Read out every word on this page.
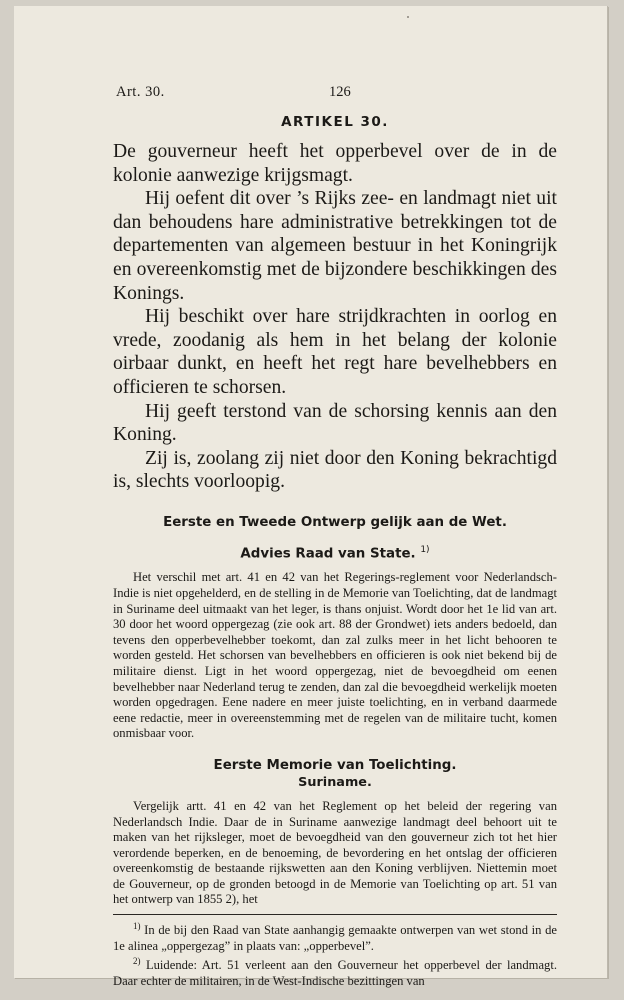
Art. 30.	126
ARTIKEL 30.

De gouverneur heeft het opperbevel over de in de kolonie aanwezige krijgsmagt.

Hij oefent dit over ’s Rijks zee- en landmagt niet uit dan behoudens hare administrative betrekkingen tot de departementen van algemeen bestuur in het Koningrijk en overeenkomstig met de bijzondere beschikkingen des Konings.

Hij beschikt over hare strijdkrachten in oorlog en vrede, zoodanig als hem in het belang der kolonie oirbaar dunkt, en heeft het regt hare bevelhebbers en officieren te schorsen.

Hij geeft terstond van de schorsing kennis aan den Koning.

Zij is, zoolang zij niet door den Koning bekrachtigd is, slechts voorloopig.

Eerste en Tweede Ontwerp gelijk aan de Wet.
Advies Raad van State. $^{1)}$

Het verschil met art. 41 en 42 van het Regerings-reglement voor Nederlandsch-Indie is niet opgehelderd, en de stelling in de Memorie van Toelichting, dat de landmagt in Suriname deel uitmaakt van het leger, is thans onjuist. Wordt door het 1e lid van art. 30 door het woord oppergezag (zie ook art. 88 der Grondwet) iets anders bedoeld, dan tevens den opperbevelhebber toekomt, dan zal zulks meer in het licht behooren te worden gesteld. Het schorsen van bevelhebbers en officieren is ook niet bekend bij de militaire dienst. Ligt in het woord oppergezag, niet de bevoegdheid om eenen bevelhebber naar Nederland terug te zenden, dan zal die bevoegdheid werkelijk moeten worden opgedragen. Eene nadere en meer juiste toelichting, en in verband daarmede eene redactie, meer in overeenstemming met de regelen van de militaire tucht, komen onmisbaar voor.

Eerste Memorie van Toelichting.
Suriname.

Vergelijk artt. 41 en 42 van het Reglement op het beleid der regering van Nederlandsch Indie. Daar de in Suriname aanwezige landmagt deel behoort uit te maken van het rijksleger, moet de bevoegdheid van den gouverneur zich tot het hier verordende beperken, en de benoeming, de bevordering en het ontslag der officieren overeenkomstig de bestaande rijkswetten aan den Koning verblijven. Niettemin moet de Gouverneur, op de gronden betoogd in de Memorie van Toelichting op art. 51 van het ontwerp van 1855 2), het

$^{1)}$ In de bij den Raad van State aanhangig gemaakte ontwerpen van wet stond in de 1e alinea „oppergezag” in plaats van: „opperbevel”.

$^{2)}$ Luidende: Art. 51 verleent aan den Gouverneur het opperbevel der landmagt. Daar echter de militairen, in de West-Indische bezittingen van
